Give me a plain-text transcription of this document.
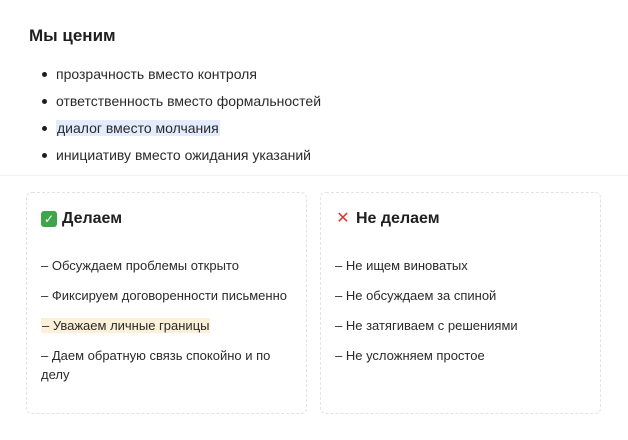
Мы ценим
прозрачность вместо контроля
ответственность вместо формальностей
диалог вместо молчания
инициативу вместо ожидания указаний
✓ Делаем
– Обсуждаем проблемы открыто
– Фиксируем договоренности письменно
– Уважаем личные границы
– Даем обратную связь спокойно и по делу
✕ Не делаем
– Не ищем виноватых
– Не обсуждаем за спиной
– Не затягиваем с решениями
– Не усложняем простое
